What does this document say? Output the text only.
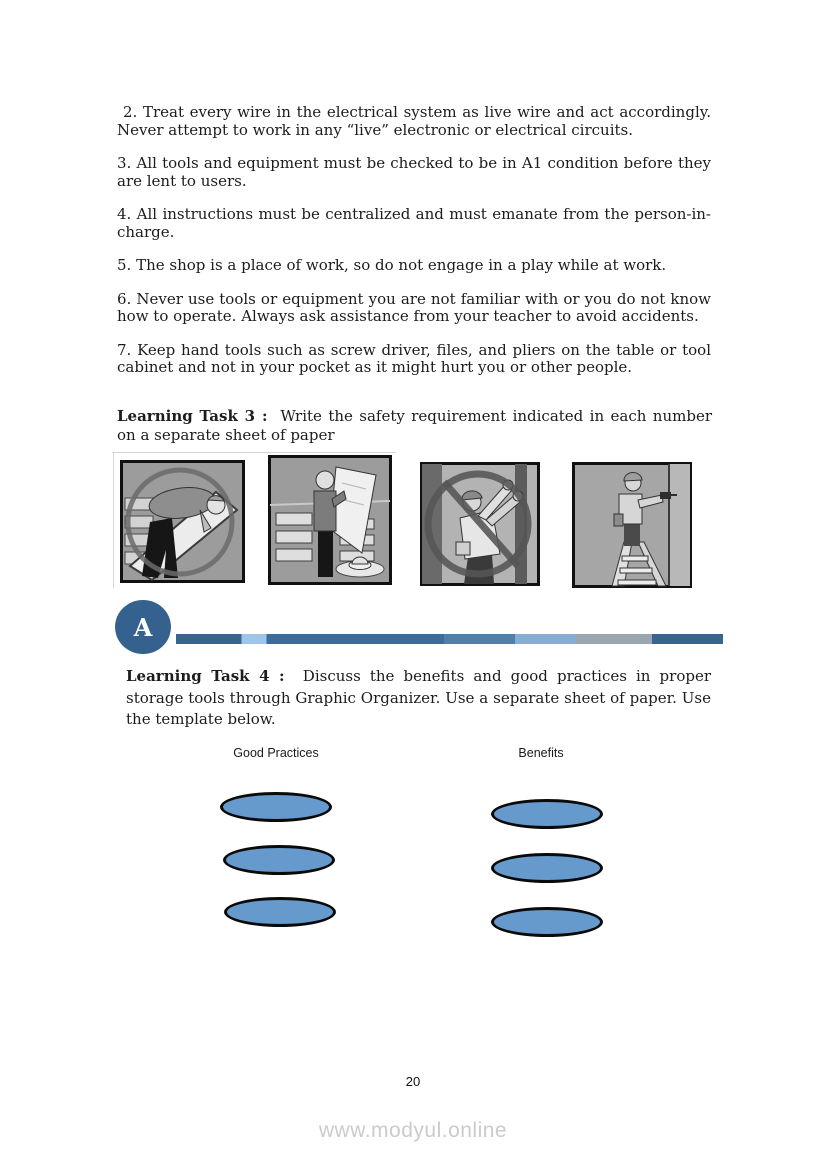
2. Treat every wire in the electrical system as live wire and act accordingly. Never attempt to work in any “live” electronic or electrical circuits.

3. All tools and equipment must be checked to be in A1 condition before they are lent to users.

4. All instructions must be centralized and must emanate from the person-in-charge.

5. The shop is a place of work, so do not engage in a play while at work.

6. Never use tools or equipment you are not familiar with or you do not know how to operate. Always ask assistance from your teacher to avoid accidents.

7. Keep hand tools such as screw driver, files, and pliers on the table or tool cabinet and not in your pocket as it might hurt you or other people.

Learning Task 3 : Write the safety requirement indicated in each number on a separate sheet of paper

A

Learning Task 4 : Discuss the benefits and good practices in proper storage tools through Graphic Organizer. Use a separate sheet of paper. Use the template below.

Good Practices	Benefits
20
www.modyul.online
